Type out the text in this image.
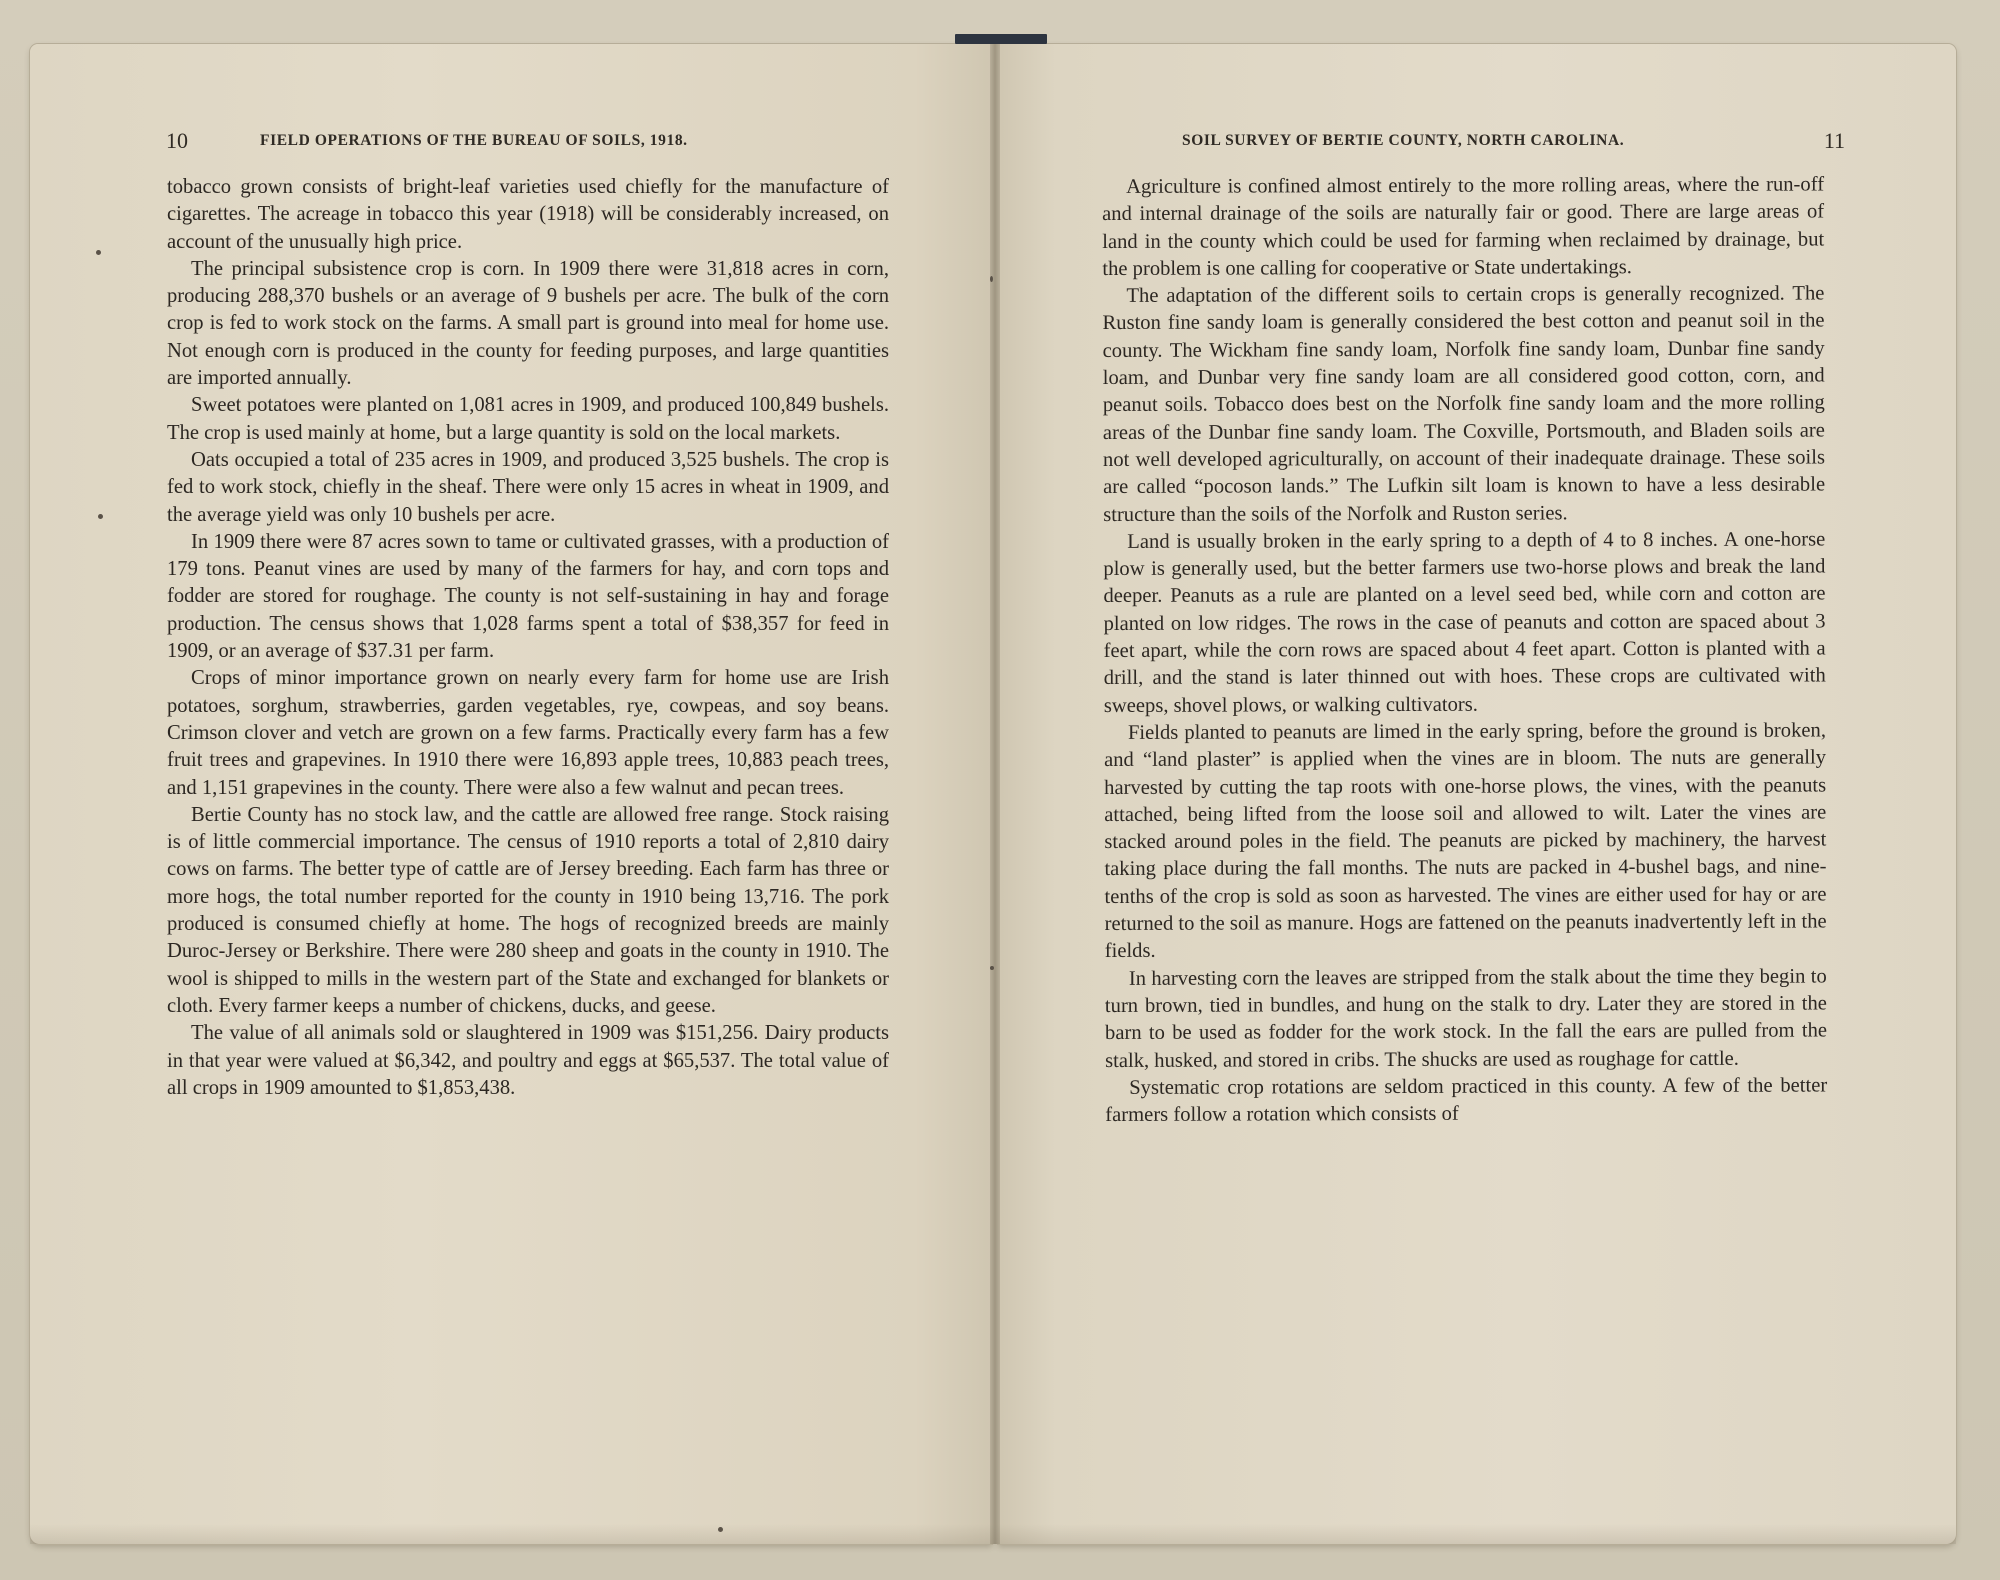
10	FIELD OPERATIONS OF THE BUREAU OF SOILS, 1918.	SOIL SURVEY OF BERTIE COUNTY, NORTH CAROLINA.	11

tobacco grown consists of bright-leaf varieties used chiefly for the manufacture of cigarettes. The acreage in tobacco this year (1918) will be considerably increased, on account of the unusually high price.

The principal subsistence crop is corn. In 1909 there were 31,818 acres in corn, producing 288,370 bushels or an average of 9 bushels per acre. The bulk of the corn crop is fed to work stock on the farms. A small part is ground into meal for home use. Not enough corn is produced in the county for feeding purposes, and large quantities are imported annually.

Sweet potatoes were planted on 1,081 acres in 1909, and produced 100,849 bushels. The crop is used mainly at home, but a large quantity is sold on the local markets.

Oats occupied a total of 235 acres in 1909, and produced 3,525 bushels. The crop is fed to work stock, chiefly in the sheaf. There were only 15 acres in wheat in 1909, and the average yield was only 10 bushels per acre.

In 1909 there were 87 acres sown to tame or cultivated grasses, with a production of 179 tons. Peanut vines are used by many of the farmers for hay, and corn tops and fodder are stored for roughage. The county is not self-sustaining in hay and forage production. The census shows that 1,028 farms spent a total of $38,357 for feed in 1909, or an average of $37.31 per farm.

Crops of minor importance grown on nearly every farm for home use are Irish potatoes, sorghum, strawberries, garden vegetables, rye, cowpeas, and soy beans. Crimson clover and vetch are grown on a few farms. Practically every farm has a few fruit trees and grapevines. In 1910 there were 16,893 apple trees, 10,883 peach trees, and 1,151 grapevines in the county. There were also a few walnut and pecan trees.

Bertie County has no stock law, and the cattle are allowed free range. Stock raising is of little commercial importance. The census of 1910 reports a total of 2,810 dairy cows on farms. The better type of cattle are of Jersey breeding. Each farm has three or more hogs, the total number reported for the county in 1910 being 13,716. The pork produced is consumed chiefly at home. The hogs of recognized breeds are mainly Duroc-Jersey or Berkshire. There were 280 sheep and goats in the county in 1910. The wool is shipped to mills in the western part of the State and exchanged for blankets or cloth. Every farmer keeps a number of chickens, ducks, and geese.

The value of all animals sold or slaughtered in 1909 was $151,256. Dairy products in that year were valued at $6,342, and poultry and eggs at $65,537. The total value of all crops in 1909 amounted to $1,853,438.

Agriculture is confined almost entirely to the more rolling areas, where the run-off and internal drainage of the soils are naturally fair or good. There are large areas of land in the county which could be used for farming when reclaimed by drainage, but the problem is one calling for cooperative or State undertakings.

The adaptation of the different soils to certain crops is generally recognized. The Ruston fine sandy loam is generally considered the best cotton and peanut soil in the county. The Wickham fine sandy loam, Norfolk fine sandy loam, Dunbar fine sandy loam, and Dunbar very fine sandy loam are all considered good cotton, corn, and peanut soils. Tobacco does best on the Norfolk fine sandy loam and the more rolling areas of the Dunbar fine sandy loam. The Coxville, Portsmouth, and Bladen soils are not well developed agriculturally, on account of their inadequate drainage. These soils are called “pocoson lands.” The Lufkin silt loam is known to have a less desirable structure than the soils of the Norfolk and Ruston series.

Land is usually broken in the early spring to a depth of 4 to 8 inches. A one-horse plow is generally used, but the better farmers use two-horse plows and break the land deeper. Peanuts as a rule are planted on a level seed bed, while corn and cotton are planted on low ridges. The rows in the case of peanuts and cotton are spaced about 3 feet apart, while the corn rows are spaced about 4 feet apart. Cotton is planted with a drill, and the stand is later thinned out with hoes. These crops are cultivated with sweeps, shovel plows, or walking cultivators.

Fields planted to peanuts are limed in the early spring, before the ground is broken, and “land plaster” is applied when the vines are in bloom. The nuts are generally harvested by cutting the tap roots with one-horse plows, the vines, with the peanuts attached, being lifted from the loose soil and allowed to wilt. Later the vines are stacked around poles in the field. The peanuts are picked by machinery, the harvest taking place during the fall months. The nuts are packed in 4-bushel bags, and nine-tenths of the crop is sold as soon as harvested. The vines are either used for hay or are returned to the soil as manure. Hogs are fattened on the peanuts inadvertently left in the fields.

In harvesting corn the leaves are stripped from the stalk about the time they begin to turn brown, tied in bundles, and hung on the stalk to dry. Later they are stored in the barn to be used as fodder for the work stock. In the fall the ears are pulled from the stalk, husked, and stored in cribs. The shucks are used as roughage for cattle.

Systematic crop rotations are seldom practiced in this county. A few of the better farmers follow a rotation which consists of
